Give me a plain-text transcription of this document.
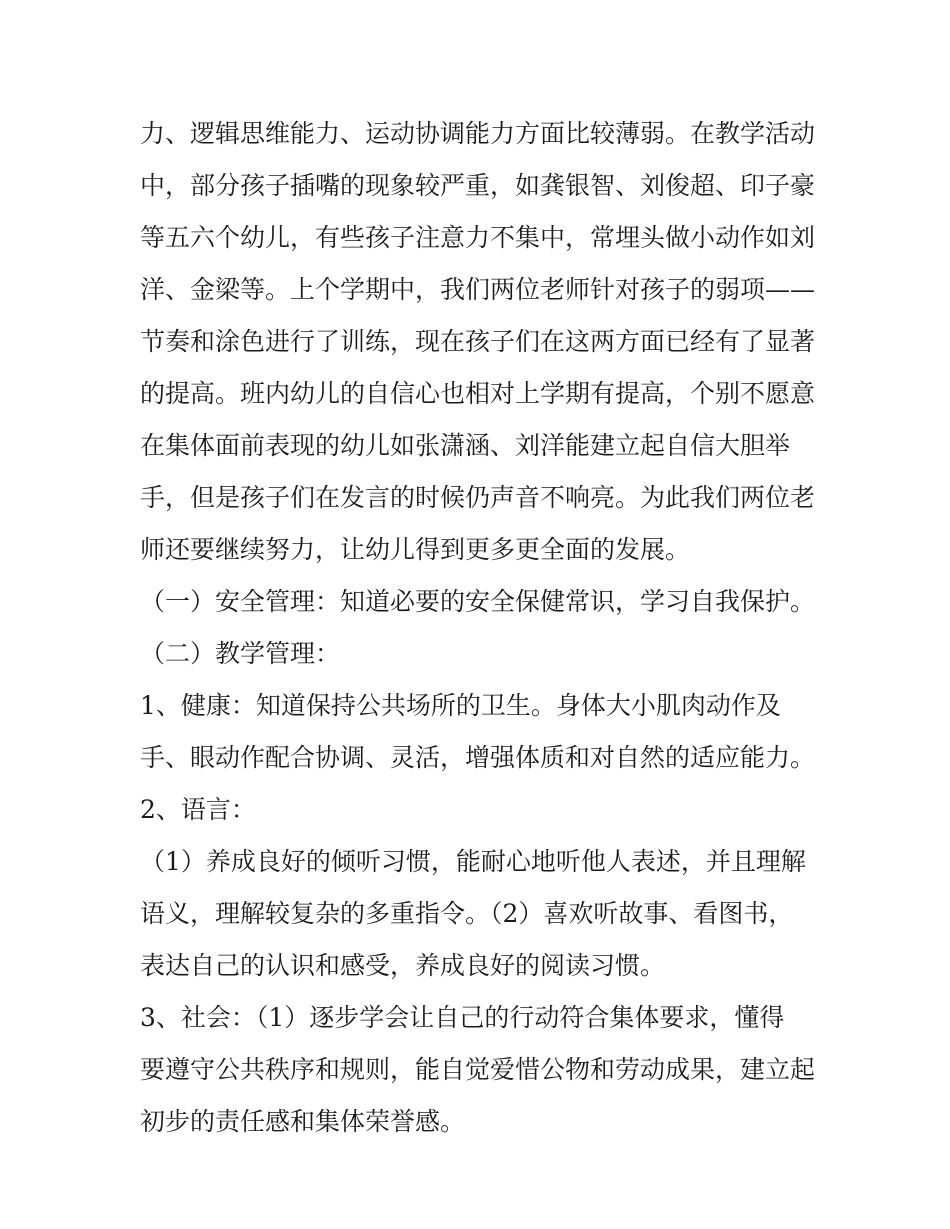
力、逻辑思维能力、运动协调能力方面比较薄弱。在教学活动
中，部分孩子插嘴的现象较严重，如龚银智、刘俊超、印子豪
等五六个幼儿，有些孩子注意力不集中，常埋头做小动作如刘
洋、金梁等。上个学期中，我们两位老师针对孩子的弱项——
节奏和涂色进行了训练，现在孩子们在这两方面已经有了显著
的提高。班内幼儿的自信心也相对上学期有提高，个别不愿意
在集体面前表现的幼儿如张潇涵、刘洋能建立起自信大胆举
手，但是孩子们在发言的时候仍声音不响亮。为此我们两位老
师还要继续努力，让幼儿得到更多更全面的发展。
（一）安全管理：知道必要的安全保健常识，学习自我保护。
（二）教学管理：
1、健康：知道保持公共场所的卫生。身体大小肌肉动作及
手、眼动作配合协调、灵活，增强体质和对自然的适应能力。
2、语言：
（1）养成良好的倾听习惯，能耐心地听他人表述，并且理解
语义，理解较复杂的多重指令。（2）喜欢听故事、看图书，
表达自己的认识和感受，养成良好的阅读习惯。
3、社会：（1）逐步学会让自己的行动符合集体要求，懂得
要遵守公共秩序和规则，能自觉爱惜公物和劳动成果，建立起
初步的责任感和集体荣誉感。
